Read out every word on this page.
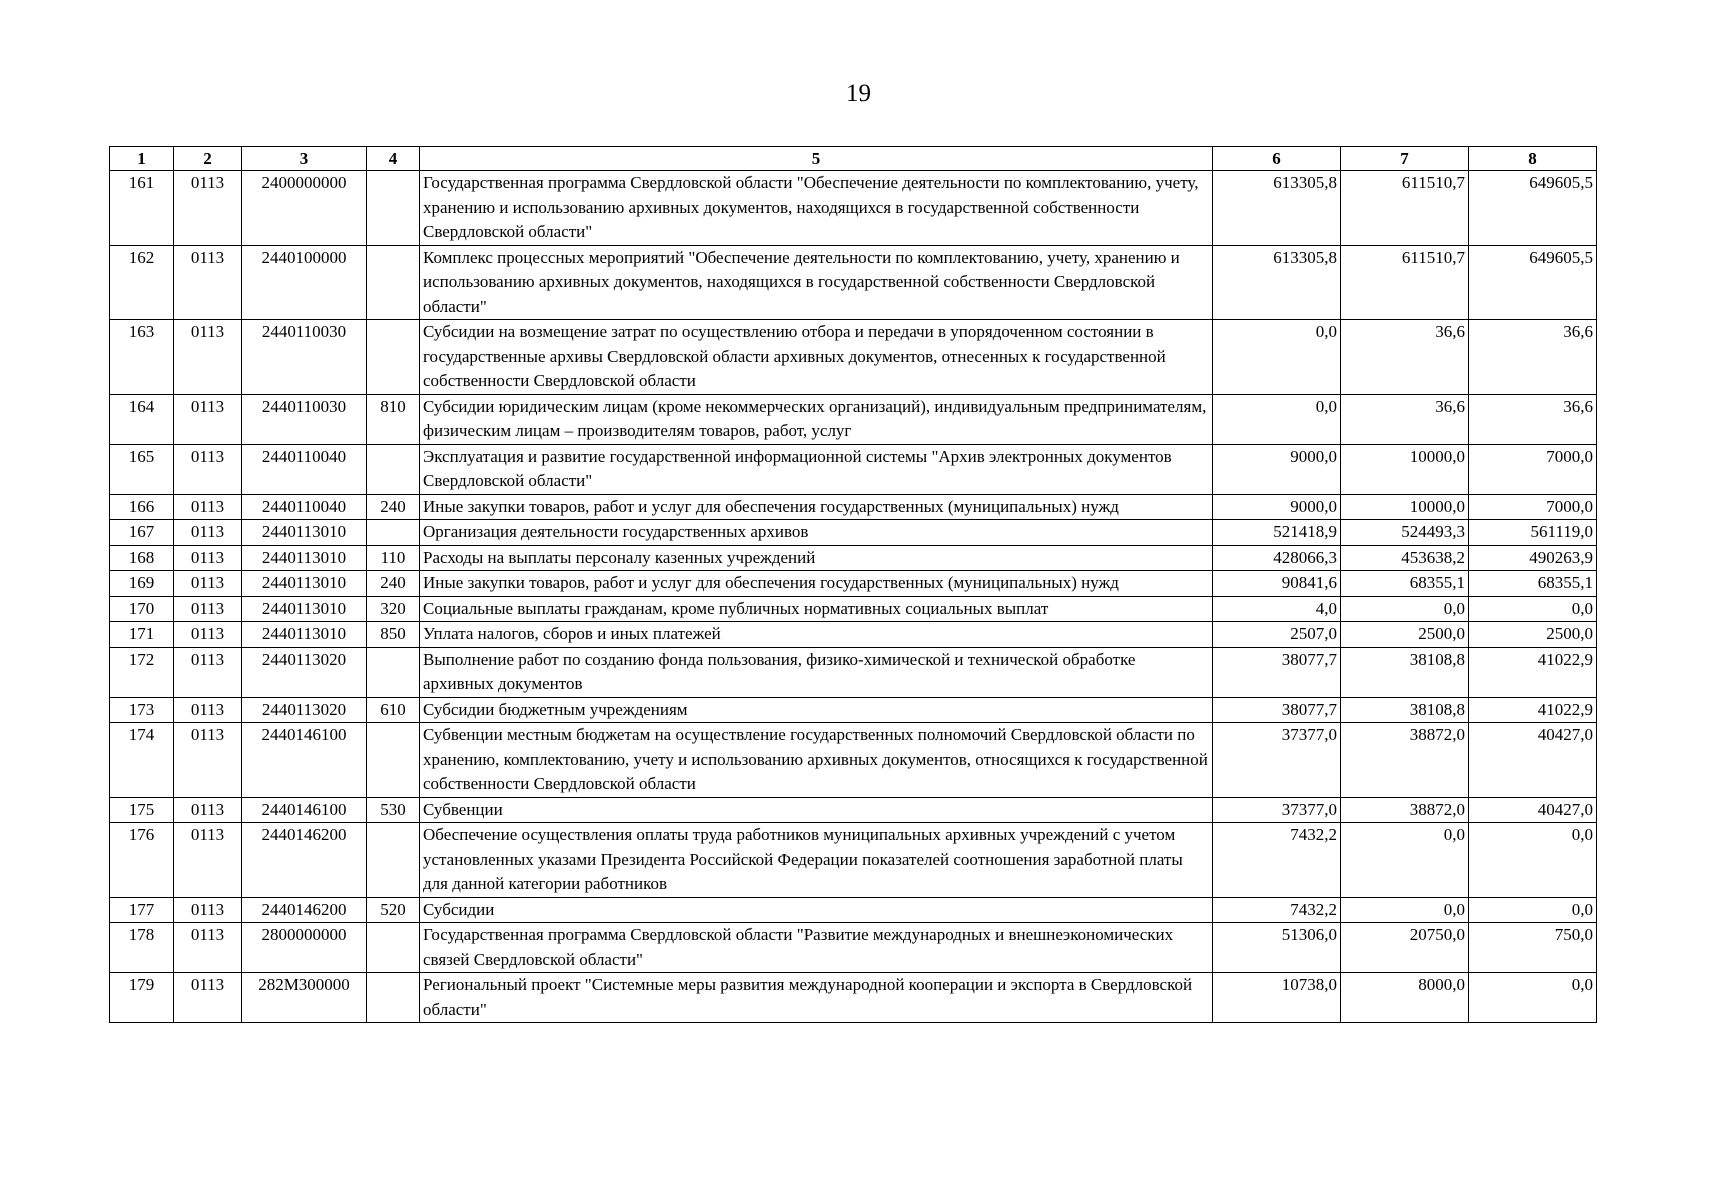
19
1	2	3	4	5	6	7	8
161	0113	2400000000		Государственная программа Свердловской области "Обеспечение деятельности по комплектованию, учету, хранению и использованию архивных документов, находящихся в государственной собственности Свердловской области"	613305,8	611510,7	649605,5
162	0113	2440100000		Комплекс процессных мероприятий "Обеспечение деятельности по комплектованию, учету, хранению и использованию архивных документов, находящихся в государственной собственности Свердловской области"	613305,8	611510,7	649605,5
163	0113	2440110030		Субсидии на возмещение затрат по осуществлению отбора и передачи в упорядоченном состоянии в государственные архивы Свердловской области архивных документов, отнесенных к государственной собственности Свердловской области	0,0	36,6	36,6
164	0113	2440110030	810	Субсидии юридическим лицам (кроме некоммерческих организаций), индивидуальным предпринимателям, физическим лицам – производителям товаров, работ, услуг	0,0	36,6	36,6
165	0113	2440110040		Эксплуатация и развитие государственной информационной системы "Архив электронных документов Свердловской области"	9000,0	10000,0	7000,0
166	0113	2440110040	240	Иные закупки товаров, работ и услуг для обеспечения государственных (муниципальных) нужд	9000,0	10000,0	7000,0
167	0113	2440113010		Организация деятельности государственных архивов	521418,9	524493,3	561119,0
168	0113	2440113010	110	Расходы на выплаты персоналу казенных учреждений	428066,3	453638,2	490263,9
169	0113	2440113010	240	Иные закупки товаров, работ и услуг для обеспечения государственных (муниципальных) нужд	90841,6	68355,1	68355,1
170	0113	2440113010	320	Социальные выплаты гражданам, кроме публичных нормативных социальных выплат	4,0	0,0	0,0
171	0113	2440113010	850	Уплата налогов, сборов и иных платежей	2507,0	2500,0	2500,0
172	0113	2440113020		Выполнение работ по созданию фонда пользования, физико-химической и технической обработке архивных документов	38077,7	38108,8	41022,9
173	0113	2440113020	610	Субсидии бюджетным учреждениям	38077,7	38108,8	41022,9
174	0113	2440146100		Субвенции местным бюджетам на осуществление государственных полномочий Свердловской области по хранению, комплектованию, учету и использованию архивных документов, относящихся к государственной собственности Свердловской области	37377,0	38872,0	40427,0
175	0113	2440146100	530	Субвенции	37377,0	38872,0	40427,0
176	0113	2440146200		Обеспечение осуществления оплаты труда работников муниципальных архивных учреждений с учетом установленных указами Президента Российской Федерации показателей соотношения заработной платы для данной категории работников	7432,2	0,0	0,0
177	0113	2440146200	520	Субсидии	7432,2	0,0	0,0
178	0113	2800000000		Государственная программа Свердловской области "Развитие международных и внешнеэкономических связей Свердловской области"	51306,0	20750,0	750,0
179	0113	282M300000		Региональный проект "Системные меры развития международной кооперации и экспорта в Свердловской области"	10738,0	8000,0	0,0
